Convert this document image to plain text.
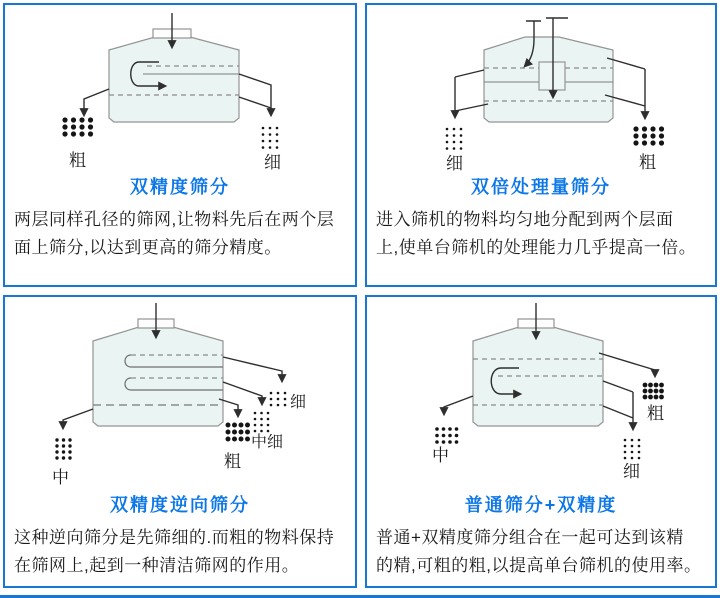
粗	细
双精度筛分
两层同样孔径的筛网,让物料先后在两个层
面上筛分,以达到更高的筛分精度。
细	粗
双倍处理量筛分
进入筛机的物料均匀地分配到两个层面
上,使单台筛机的处理能力几乎提高一倍。
细
中细
粗
中
双精度逆向筛分
这种逆向筛分是先筛细的.而粗的物料保持
在筛网上,起到一种清洁筛网的作用。
粗
细
中
普通筛分+双精度
普通+双精度筛分组合在一起可达到该精
的精,可粗的粗,以提高单台筛机的使用率。
